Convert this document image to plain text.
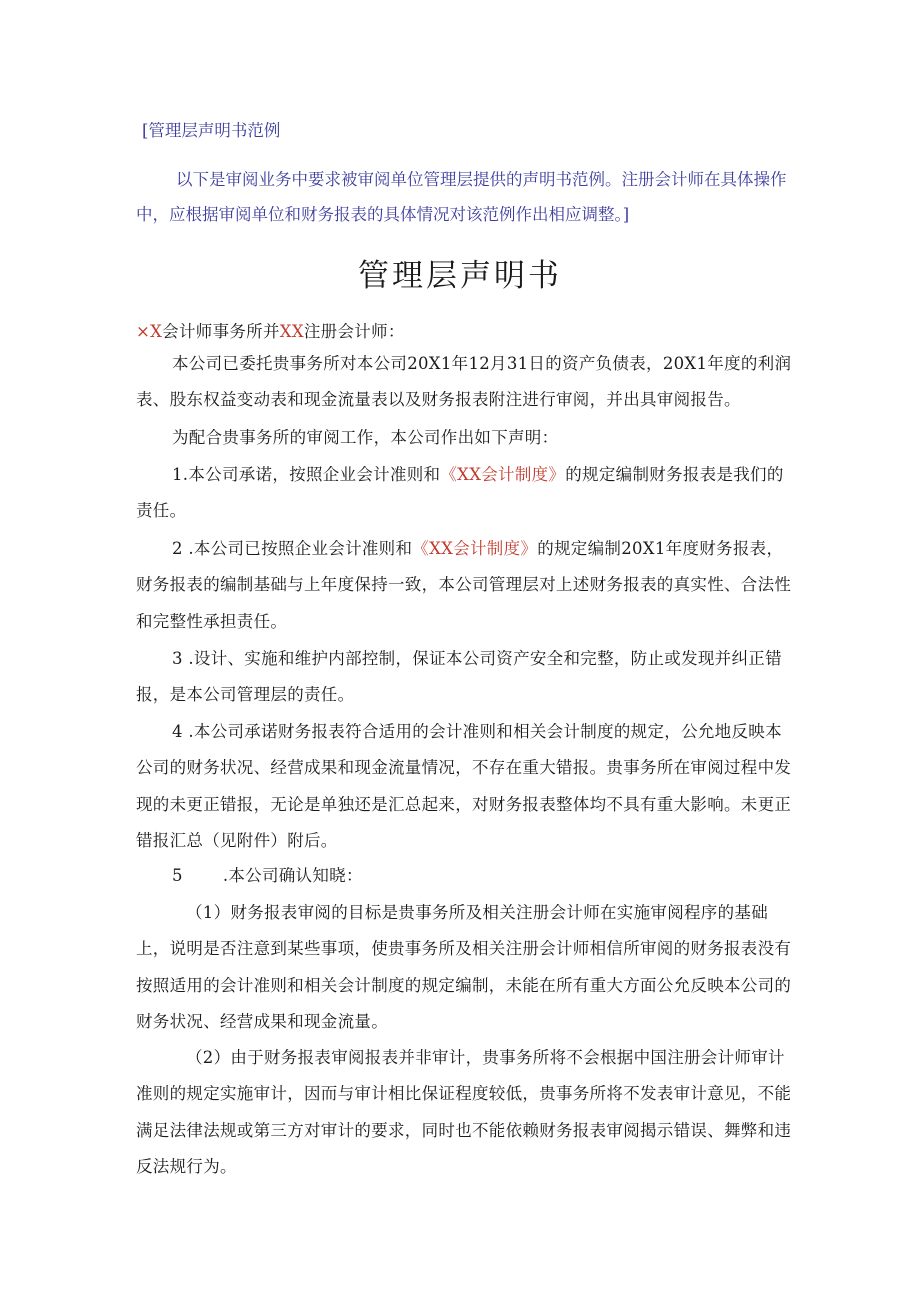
[管理层声明书范例
以下是审阅业务中要求被审阅单位管理层提供的声明书范例。注册会计师在具体操作中，应根据审阅单位和财务报表的具体情况对该范例作出相应调整。]
管理层声明书
×X会计师事务所并XX注册会计师：
本公司已委托贵事务所对本公司20X1年12月31日的资产负债表，20X1年度的利润表、股东权益变动表和现金流量表以及财务报表附注进行审阅，并出具审阅报告。
为配合贵事务所的审阅工作，本公司作出如下声明：
1.本公司承诺，按照企业会计准则和《XX会计制度》的规定编制财务报表是我们的责任。
2 .本公司已按照企业会计准则和《XX会计制度》的规定编制20X1年度财务报表，财务报表的编制基础与上年度保持一致，本公司管理层对上述财务报表的真实性、合法性和完整性承担责任。
3 .设计、实施和维护内部控制，保证本公司资产安全和完整，防止或发现并纠正错报，是本公司管理层的责任。
4 .本公司承诺财务报表符合适用的会计准则和相关会计制度的规定，公允地反映本公司的财务状况、经营成果和现金流量情况，不存在重大错报。贵事务所在审阅过程中发现的未更正错报，无论是单独还是汇总起来，对财务报表整体均不具有重大影响。未更正错报汇总（见附件）附后。
5 .本公司确认知晓：
（1）财务报表审阅的目标是贵事务所及相关注册会计师在实施审阅程序的基础上，说明是否注意到某些事项，使贵事务所及相关注册会计师相信所审阅的财务报表没有按照适用的会计准则和相关会计制度的规定编制，未能在所有重大方面公允反映本公司的财务状况、经营成果和现金流量。
（2）由于财务报表审阅报表并非审计，贵事务所将不会根据中国注册会计师审计准则的规定实施审计，因而与审计相比保证程度较低，贵事务所将不发表审计意见，不能满足法律法规或第三方对审计的要求，同时也不能依赖财务报表审阅揭示错误、舞弊和违反法规行为。
